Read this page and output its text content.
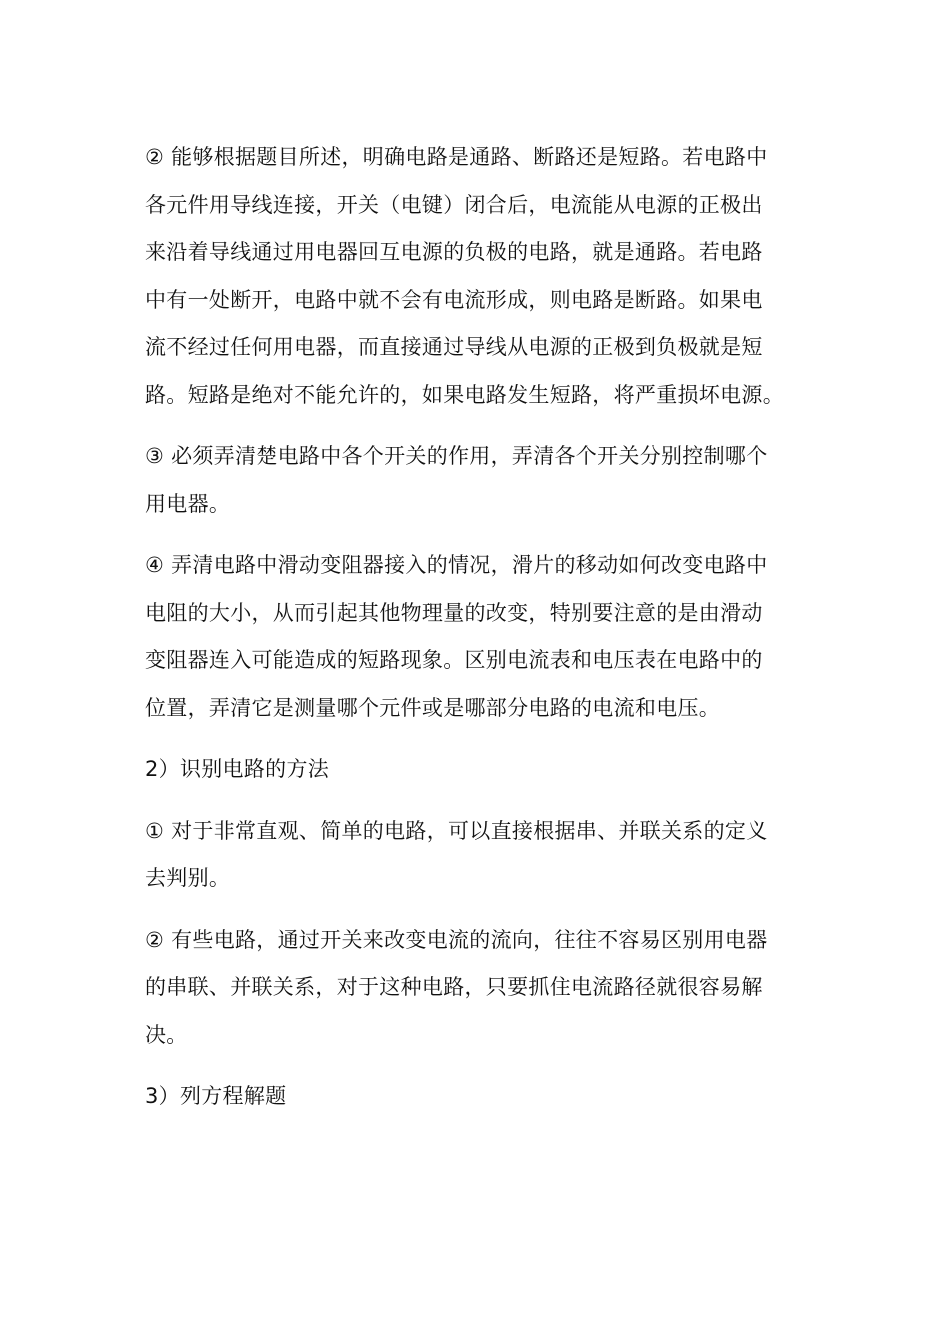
② 能够根据题目所述，明确电路是通路、断路还是短路。若电路中
各元件用导线连接，开关（电键）闭合后，电流能从电源的正极出
来沿着导线通过用电器回互电源的负极的电路，就是通路。若电路
中有一处断开，电路中就不会有电流形成，则电路是断路。如果电
流不经过任何用电器，而直接通过导线从电源的正极到负极就是短
路。短路是绝对不能允许的，如果电路发生短路，将严重损坏电源。

③ 必须弄清楚电路中各个开关的作用，弄清各个开关分别控制哪个
用电器。

④ 弄清电路中滑动变阻器接入的情况，滑片的移动如何改变电路中
电阻的大小，从而引起其他物理量的改变，特别要注意的是由滑动
变阻器连入可能造成的短路现象。区别电流表和电压表在电路中的
位置，弄清它是测量哪个元件或是哪部分电路的电流和电压。

2）识别电路的方法

① 对于非常直观、简单的电路，可以直接根据串、并联关系的定义
去判别。

② 有些电路，通过开关来改变电流的流向，往往不容易区别用电器
的串联、并联关系，对于这种电路，只要抓住电流路径就很容易解
决。

3）列方程解题
